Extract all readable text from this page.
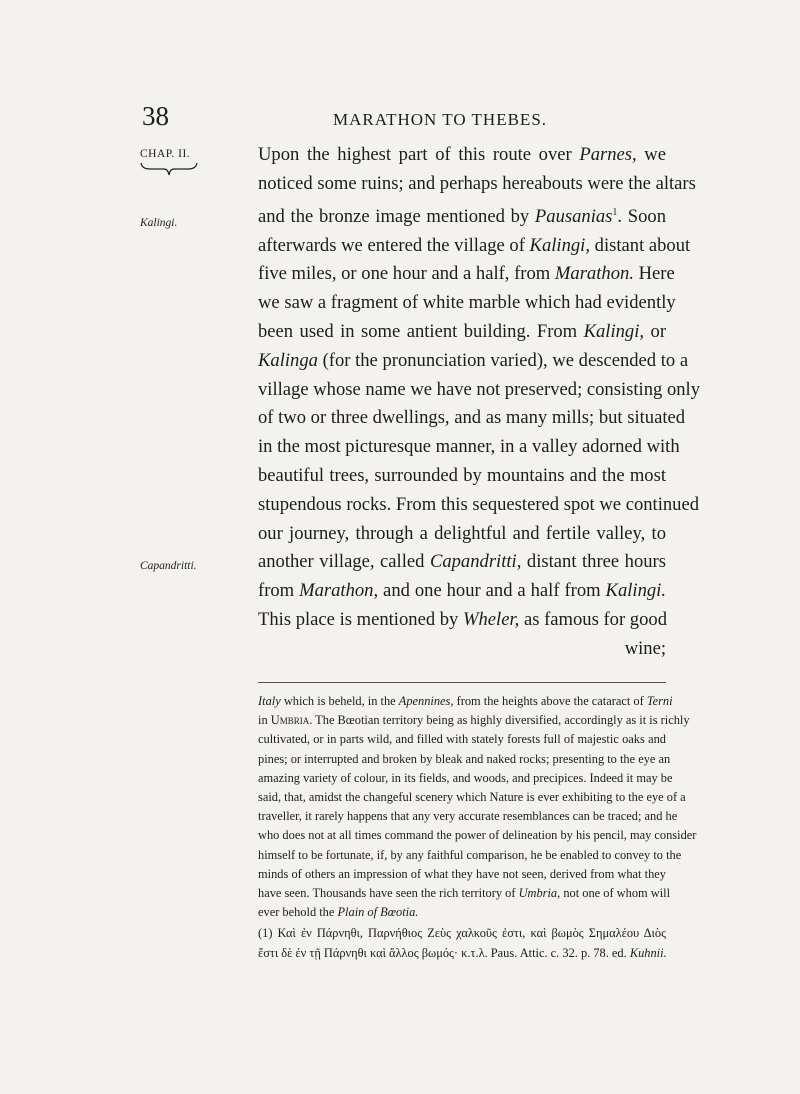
38	MARATHON TO THEBES.
CHAP. II.
Kalingi.
Capandritti.
Upon the highest part of this route over Parnes, we
noticed some ruins; and perhaps hereabouts were the altars
and the bronze image mentioned by Pausanias$^1$. Soon
afterwards we entered the village of Kalingi, distant about
five miles, or one hour and a half, from Marathon. Here
we saw a fragment of white marble which had evidently
been used in some antient building. From Kalingi, or
Kalinga (for the pronunciation varied), we descended to a
village whose name we have not preserved; consisting only
of two or three dwellings, and as many mills; but situated
in the most picturesque manner, in a valley adorned with
beautiful trees, surrounded by mountains and the most
stupendous rocks. From this sequestered spot we continued
our journey, through a delightful and fertile valley, to
another village, called Capandritti, distant three hours
from Marathon, and one hour and a half from Kalingi.
This place is mentioned by Wheler, as famous for good
wine;
Italy which is beheld, in the Apennines, from the heights above the cataract of Terni
in Umbria. The Bœotian territory being as highly diversified, accordingly as it is richly
cultivated, or in parts wild, and filled with stately forests full of majestic oaks and
pines; or interrupted and broken by bleak and naked rocks; presenting to the eye an
amazing variety of colour, in its fields, and woods, and precipices. Indeed it may be
said, that, amidst the changeful scenery which Nature is ever exhibiting to the eye of a
traveller, it rarely happens that any very accurate resemblances can be traced; and he
who does not at all times command the power of delineation by his pencil, may consider
himself to be fortunate, if, by any faithful comparison, he be enabled to convey to the
minds of others an impression of what they have not seen, derived from what they
have seen. Thousands have seen the rich territory of Umbria, not one of whom will
ever behold the Plain of Bœotia.
(1) Καὶ ἐν Πάρνηθι, Παρνήθιος Ζεὺς χαλκοῦς ἐστι, καὶ βωμὸς Σημαλέου Διὸς
ἔστι δὲ ἐν τῇ Πάρνηθι καὶ ἄλλος βωμός· κ.τ.λ. Paus. Attic. c. 32. p. 78. ed. Kuhnii.
